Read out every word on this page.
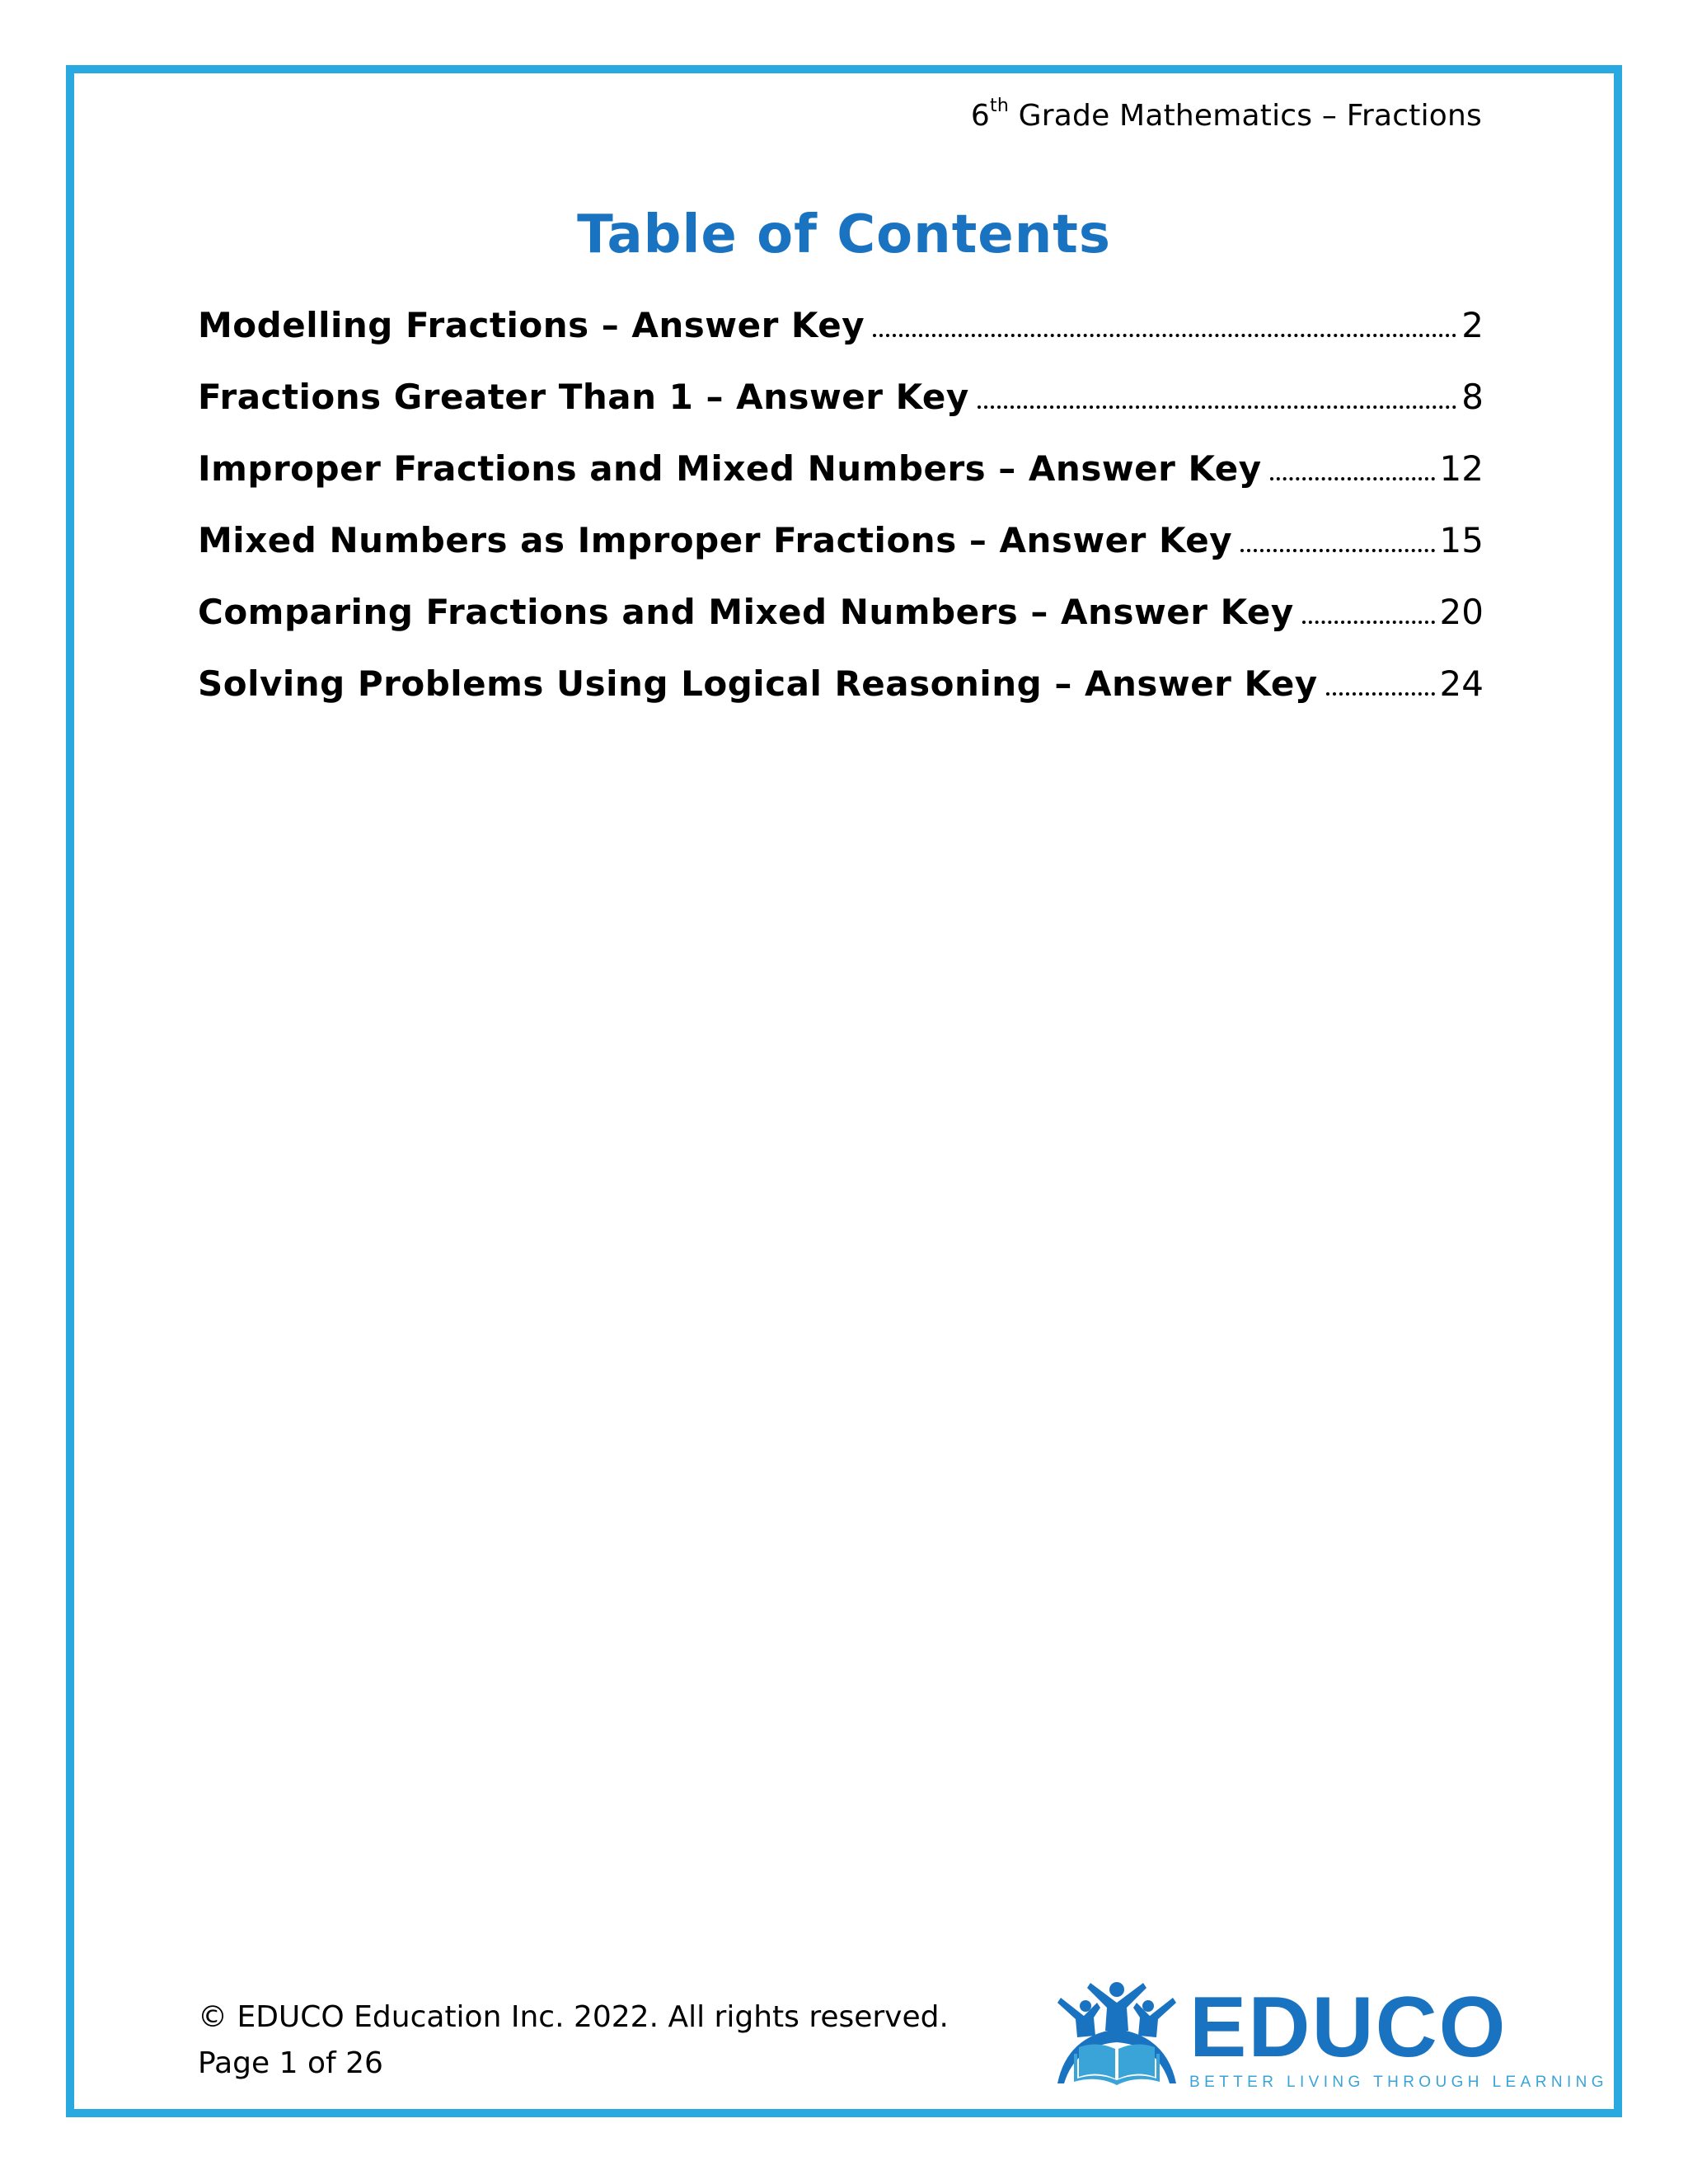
6th Grade Mathematics – Fractions
Table of Contents
Modelling Fractions – Answer Key	2
Fractions Greater Than 1 – Answer Key	8
Improper Fractions and Mixed Numbers – Answer Key	12
Mixed Numbers as Improper Fractions – Answer Key	15
Comparing Fractions and Mixed Numbers – Answer Key	20
Solving Problems Using Logical Reasoning – Answer Key	24
© EDUCO Education Inc. 2022. All rights reserved.
Page 1 of 26	EDUCO
BETTER LIVING THROUGH LEARNING
